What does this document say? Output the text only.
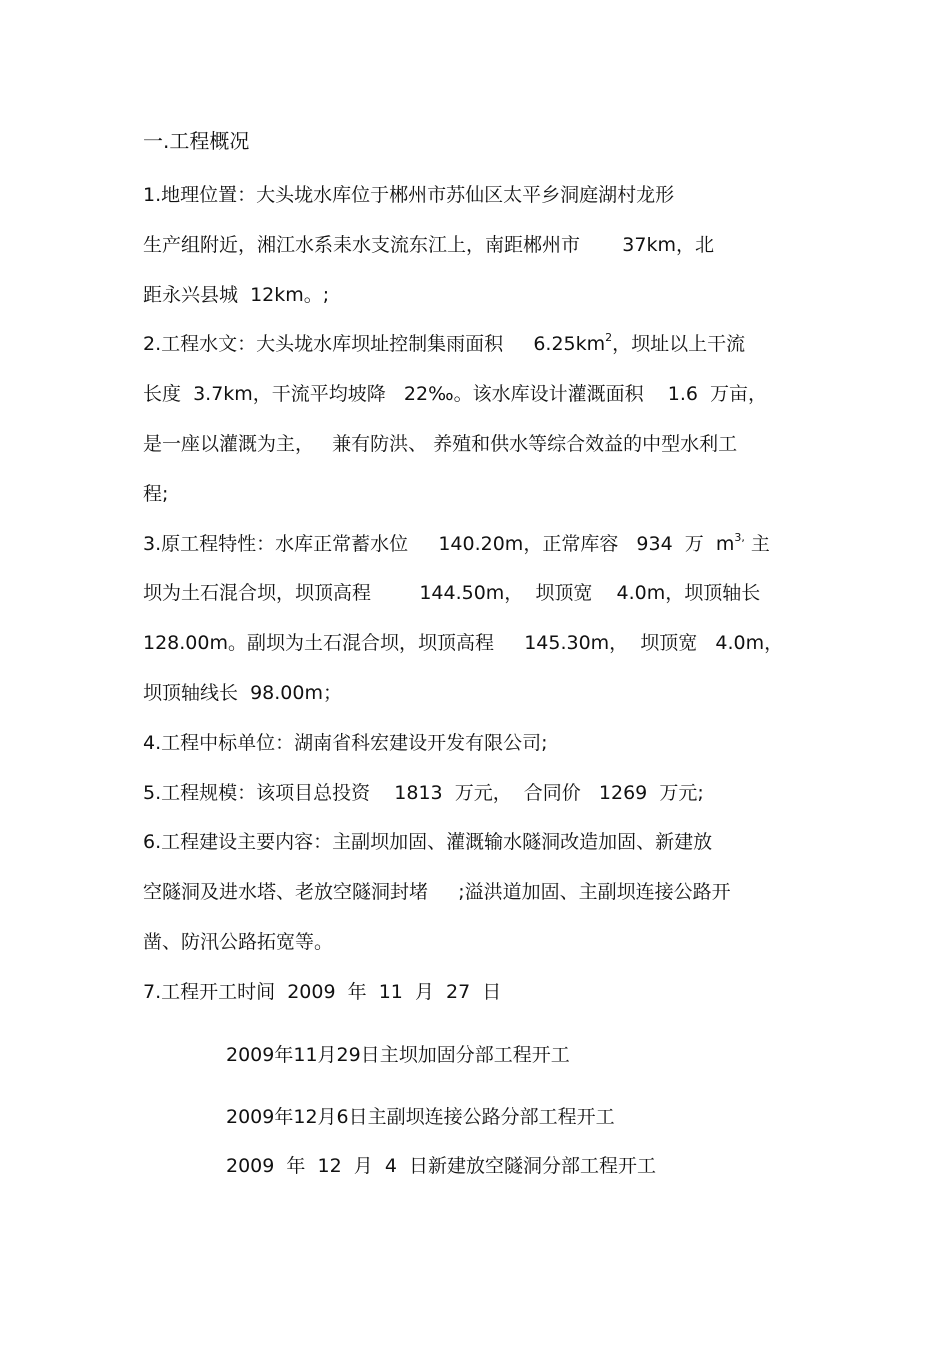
一.工程概况
1.地理位置：大头垅水库位于郴州市苏仙区太平乡洞庭湖村龙形
生产组附近，湘江水系耒水支流东江上，南距郴州市       37km，北
距永兴县城  12km。;
2.工程水文：大头垅水库坝址控制集雨面积     $6.25km^2$，坝址以上干流
长度  3.7km，干流平均坡降   22‰。该水库设计灌溉面积    1.6  万亩，
是一座以灌溉为主，   兼有防洪、 养殖和供水等综合效益的中型水利工
程;
3.原工程特性：水库正常蓄水位     140.20m，正常库容   934  万  $m^{3,}$ 主
坝为土石混合坝，坝顶高程        144.50m，  坝顶宽    4.0m，坝顶轴长
128.00m。副坝为土石混合坝，坝顶高程     145.30m，  坝顶宽   4.0m，
坝顶轴线长  98.00m；
4.工程中标单位：湖南省科宏建设开发有限公司;
5.工程规模：该项目总投资    1813  万元，  合同价   1269  万元;
6.工程建设主要内容：主副坝加固、灌溉输水隧洞改造加固、新建放
空隧洞及进水塔、老放空隧洞封堵     ;溢洪道加固、主副坝连接公路开
凿、防汛公路拓宽等。
7.工程开工时间  2009  年  11  月  27  日
2009年11月29日主坝加固分部工程开工
2009年12月6日主副坝连接公路分部工程开工
2009  年  12  月  4  日新建放空隧洞分部工程开工
